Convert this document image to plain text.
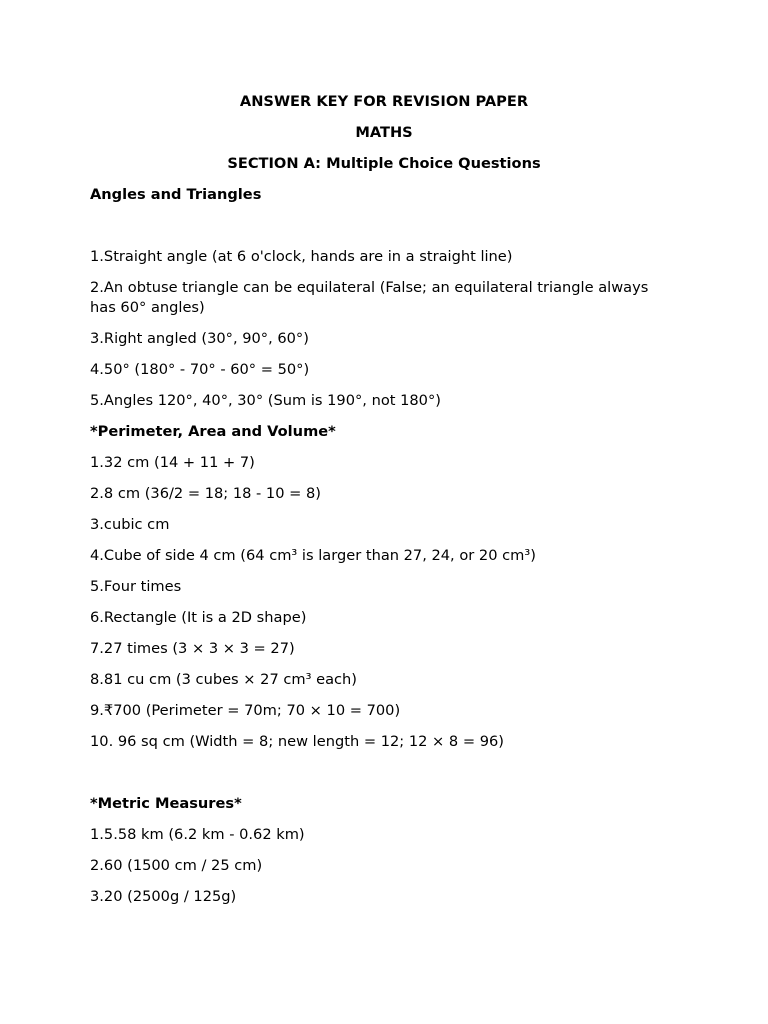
ANSWER KEY FOR REVISION PAPER
MATHS
SECTION A: Multiple Choice Questions
Angles and Triangles
1.Straight angle (at 6 o'clock, hands are in a straight line)
2.An obtuse triangle can be equilateral (False; an equilateral triangle always has 60° angles)
3.Right angled (30°, 90°, 60°)
4.50° (180° - 70° - 60° = 50°)
5.Angles 120°, 40°, 30° (Sum is 190°, not 180°)
*Perimeter, Area and Volume*
1.32 cm (14 + 11 + 7)
2.8 cm (36/2 = 18; 18 - 10 = 8)
3.cubic cm
4.Cube of side 4 cm (64 cm³ is larger than 27, 24, or 20 cm³)
5.Four times
6.Rectangle (It is a 2D shape)
7.27 times (3 × 3 × 3 = 27)
8.81 cu cm (3 cubes × 27 cm³ each)
9.₹700 (Perimeter = 70m; 70 × 10 = 700)
10. 96 sq cm (Width = 8; new length = 12; 12 × 8 = 96)
*Metric Measures*
1.5.58 km (6.2 km - 0.62 km)
2.60 (1500 cm / 25 cm)
3.20 (2500g / 125g)
